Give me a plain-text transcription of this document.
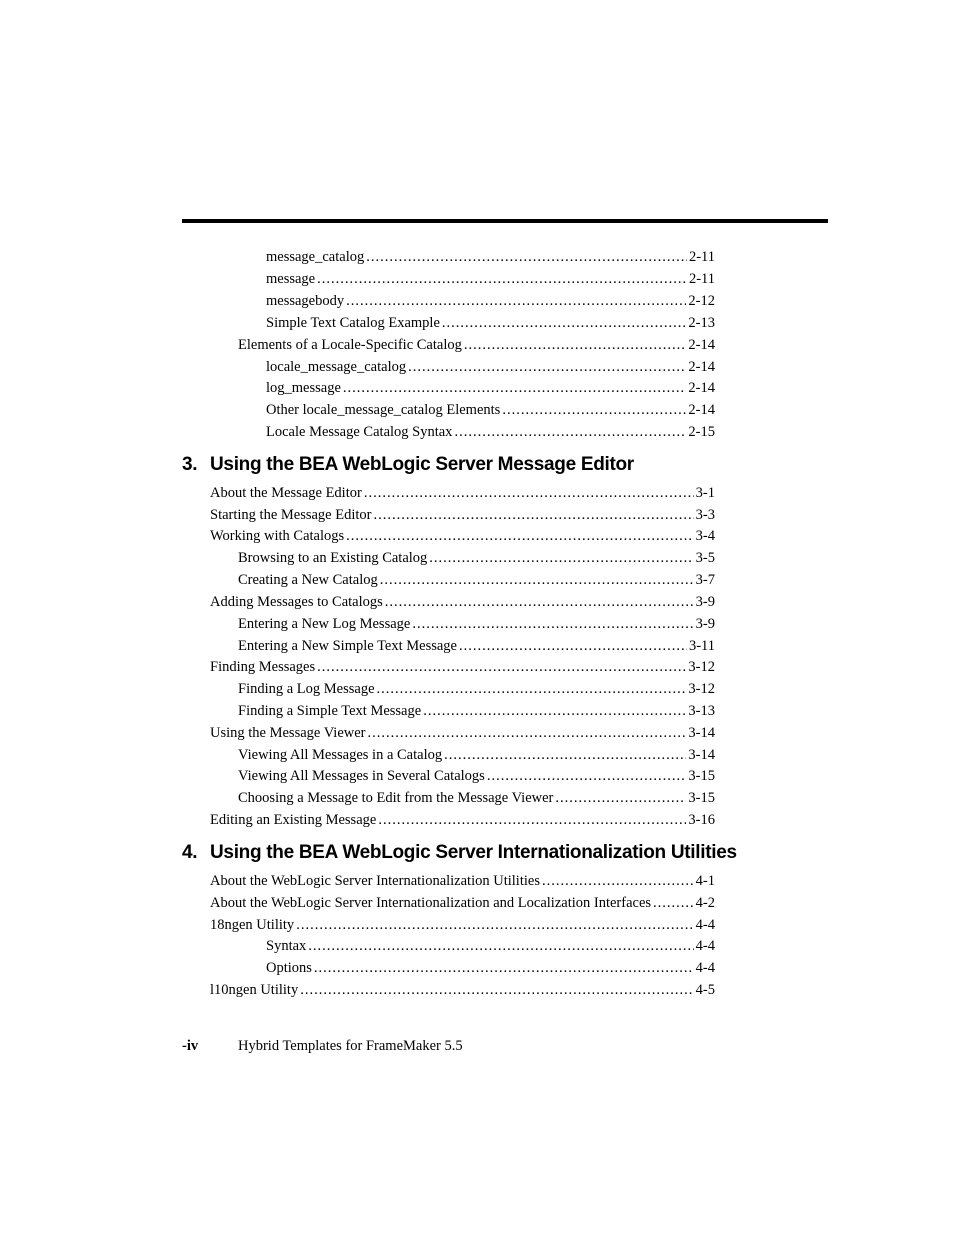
message_catalog .....	2-11
message .....	2-11
messagebody .....	2-12
Simple Text Catalog Example .....	2-13
Elements of a Locale-Specific Catalog .....	2-14
locale_message_catalog .....	2-14
log_message .....	2-14
Other locale_message_catalog Elements .....	2-14
Locale Message Catalog Syntax .....	2-15
3. Using the BEA WebLogic Server Message Editor
About the Message Editor .....	3-1
Starting the Message Editor .....	3-3
Working with Catalogs .....	3-4
Browsing to an Existing Catalog .....	3-5
Creating a New Catalog .....	3-7
Adding Messages to Catalogs .....	3-9
Entering a New Log Message .....	3-9
Entering a New Simple Text Message .....	3-11
Finding Messages .....	3-12
Finding a Log Message .....	3-12
Finding a Simple Text Message .....	3-13
Using the Message Viewer .....	3-14
Viewing All Messages in a Catalog .....	3-14
Viewing All Messages in Several Catalogs .....	3-15
Choosing a Message to Edit from the Message Viewer .....	3-15
Editing an Existing Message .....	3-16
4. Using the BEA WebLogic Server Internationalization Utilities
About the WebLogic Server Internationalization Utilities .....	4-1
About the WebLogic Server Internationalization and Localization Interfaces .....	4-2
18ngen Utility .....	4-4
Syntax .....	4-4
Options .....	4-4
l10ngen Utility .....	4-5
-iv	Hybrid Templates for FrameMaker 5.5
